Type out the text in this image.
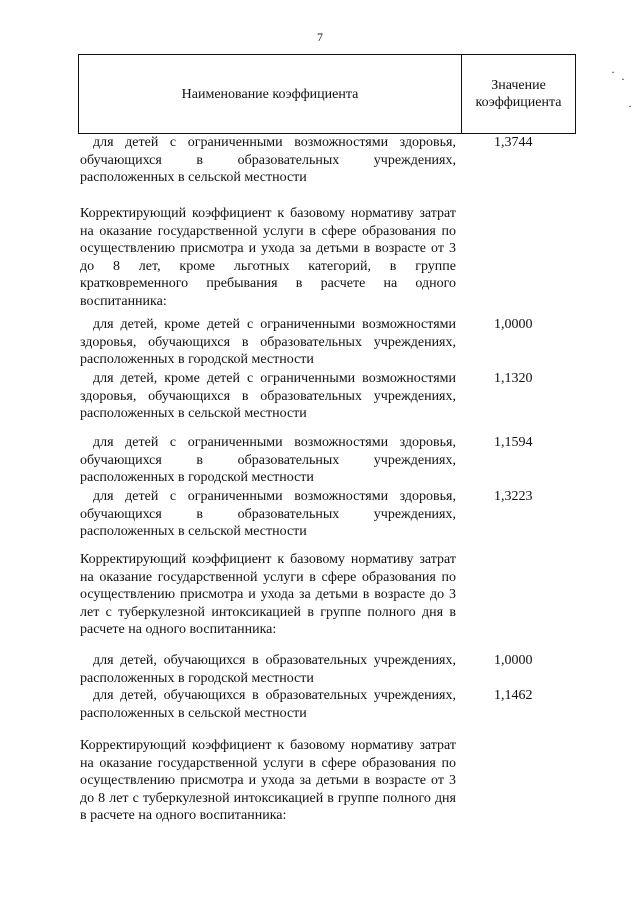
7
Наименование коэффициента
Значение
коэффициента
для детей с ограниченными возможностями здоровья, обучающихся в образовательных учреждениях, расположенных в сельской местности
1,3744
Корректирующий коэффициент к базовому нормативу затрат на оказание государственной услуги в сфере образования по осуществлению присмотра и ухода за детьми в возрасте от 3 до 8 лет, кроме льготных категорий, в группе кратковременного пребывания в расчете на одного воспитанника:
для детей, кроме детей с ограниченными возможностями здоровья, обучающихся в образовательных учреждениях, расположенных в городской местности
1,0000
для детей, кроме детей с ограниченными возможностями здоровья, обучающихся в образовательных учреждениях, расположенных в сельской местности
1,1320
для детей с ограниченными возможностями здоровья, обучающихся в образовательных учреждениях, расположенных в городской местности
1,1594
для детей с ограниченными возможностями здоровья, обучающихся в образовательных учреждениях, расположенных в сельской местности
1,3223
Корректирующий коэффициент к базовому нормативу затрат на оказание государственной услуги в сфере образования по осуществлению присмотра и ухода за детьми в возрасте до 3 лет с туберкулезной интоксикацией в группе полного дня в расчете на одного воспитанника:
для детей, обучающихся в образовательных учреждениях, расположенных в городской местности
1,0000
для детей, обучающихся в образовательных учреждениях, расположенных в сельской местности
1,1462
Корректирующий коэффициент к базовому нормативу затрат на оказание государственной услуги в сфере образования по осуществлению присмотра и ухода за детьми в возрасте от 3 до 8 лет с туберкулезной интоксикацией в группе полного дня в расчете на одного воспитанника:
· ·
·
